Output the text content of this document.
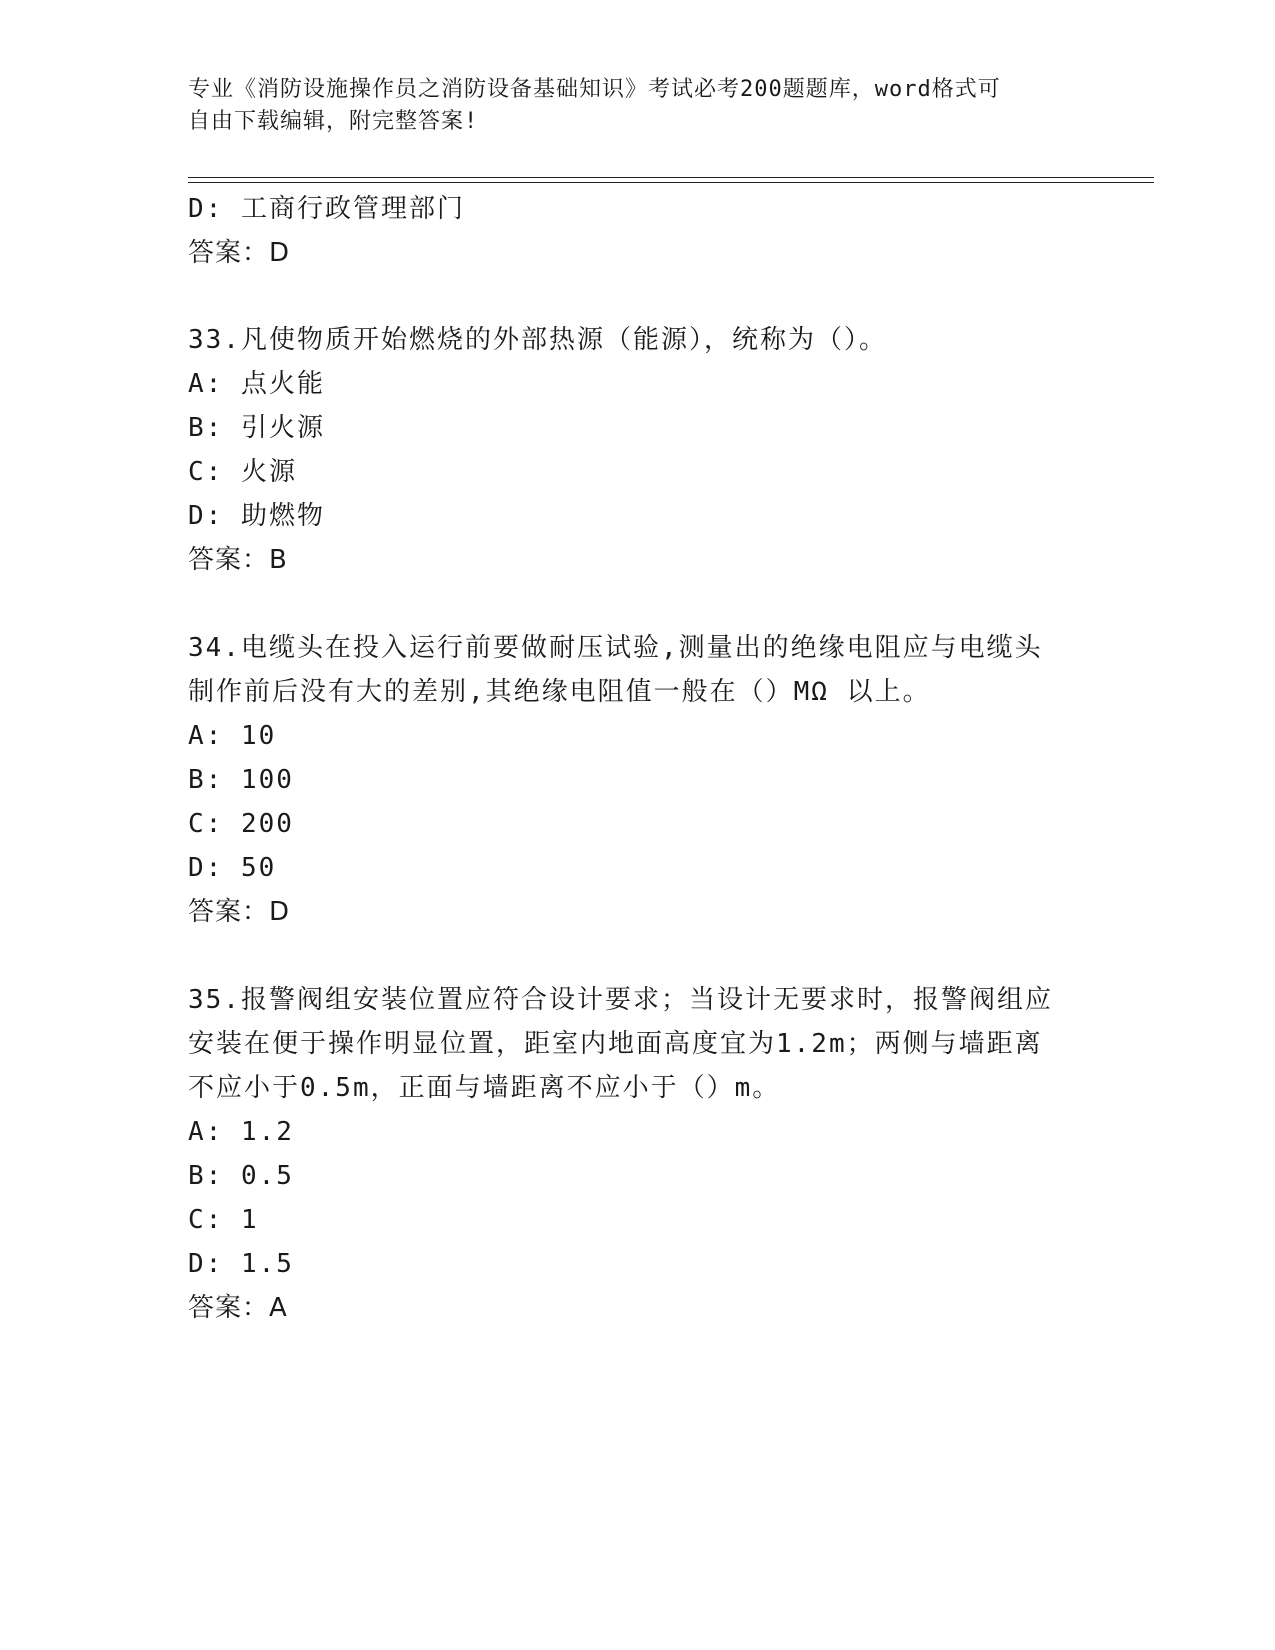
专业《消防设施操作员之消防设备基础知识》考试必考200题题库，word格式可
自由下载编辑，附完整答案!
D: 工商行政管理部门
答案：D
33.凡使物质开始燃烧的外部热源（能源），统称为（）。
A: 点火能
B: 引火源
C: 火源
D: 助燃物
答案：B
34.电缆头在投入运行前要做耐压试验,测量出的绝缘电阻应与电缆头
制作前后没有大的差别,其绝缘电阻值一般在（）MΩ 以上。
A: 10
B: 100
C: 200
D: 50
答案：D
35.报警阀组安装位置应符合设计要求；当设计无要求时，报警阀组应
安装在便于操作明显位置，距室内地面高度宜为1.2m；两侧与墙距离
不应小于0.5m，正面与墙距离不应小于（）m。
A: 1.2
B: 0.5
C: 1
D: 1.5
答案：A
